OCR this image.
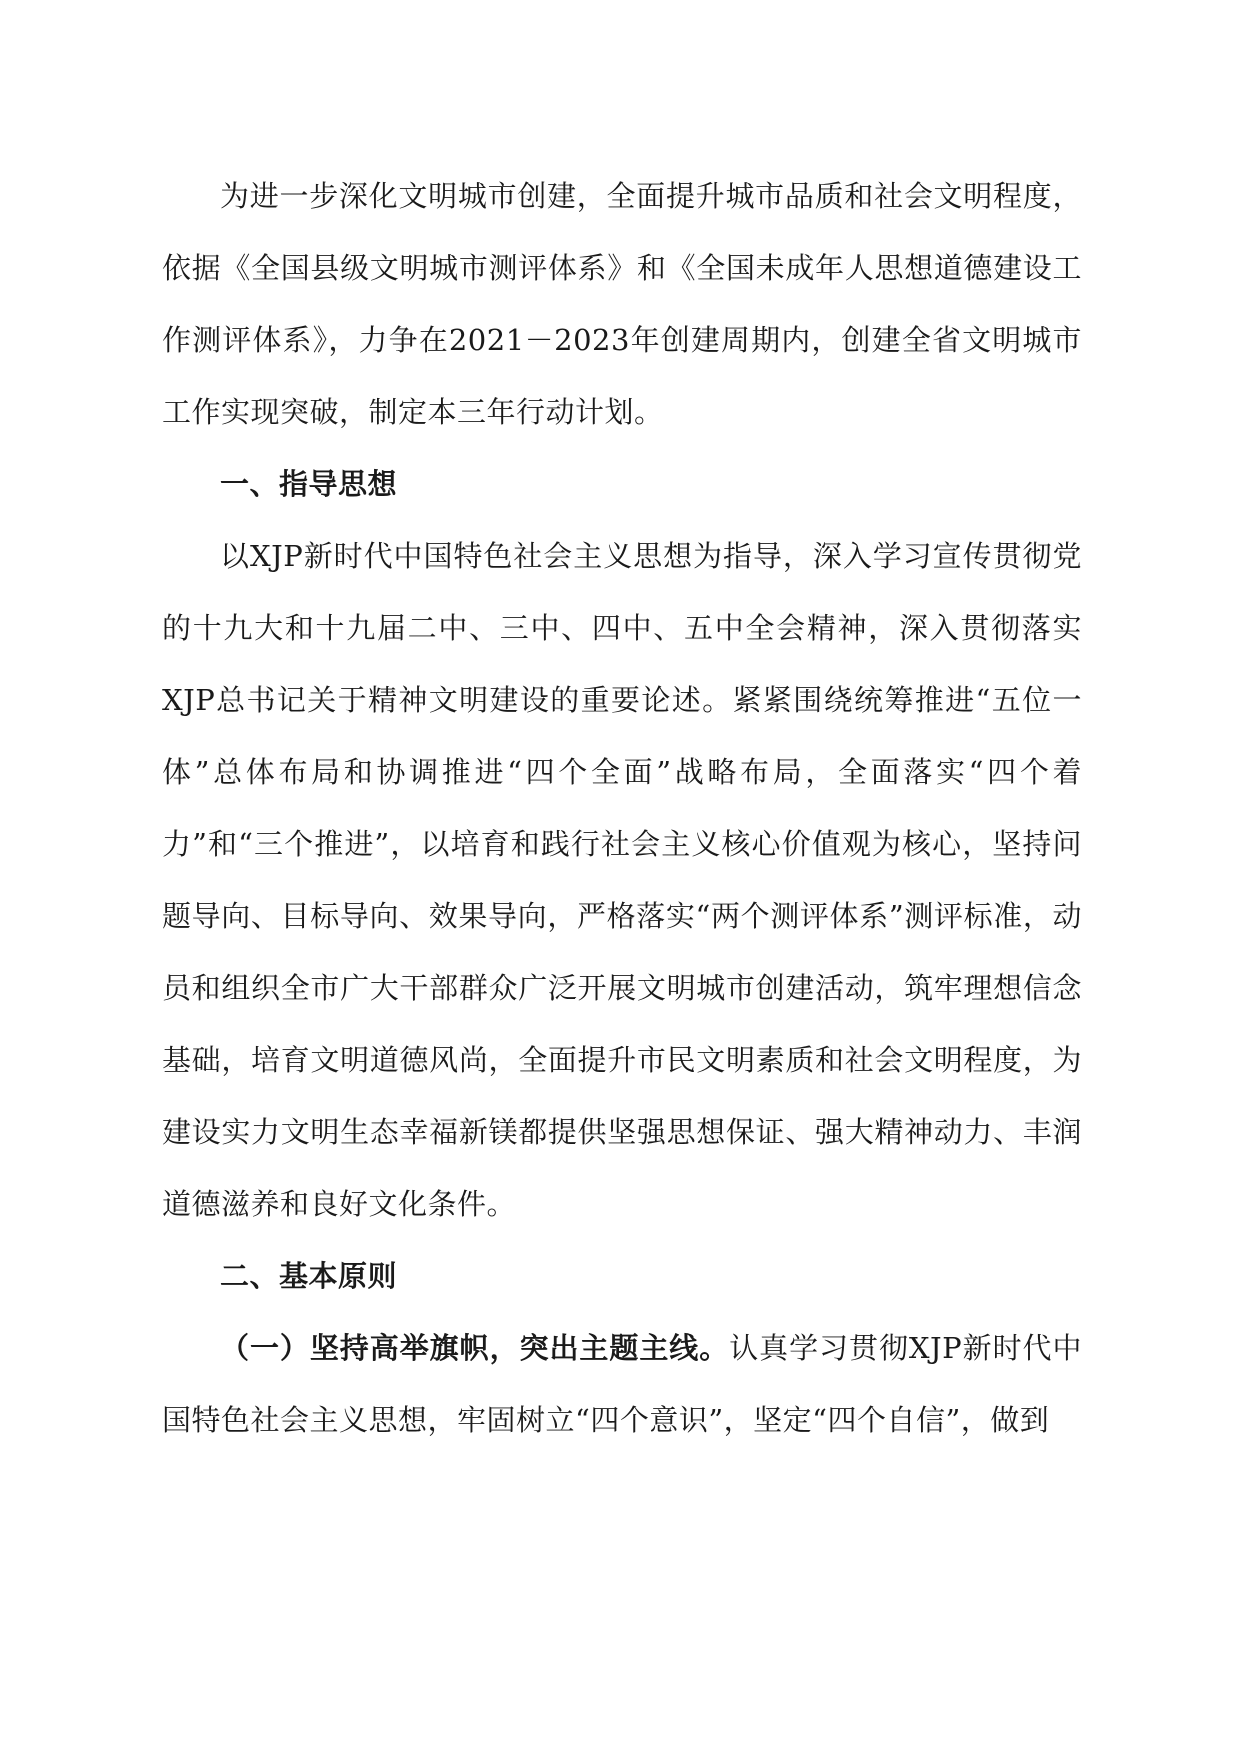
为进一步深化文明城市创建，全面提升城市品质和社会文明程度，依据《全国县级文明城市测评体系》和《全国未成年人思想道德建设工作测评体系》，力争在2021－2023年创建周期内，创建全省文明城市工作实现突破，制定本三年行动计划。

一、指导思想

以XJP新时代中国特色社会主义思想为指导，深入学习宣传贯彻党的十九大和十九届二中、三中、四中、五中全会精神，深入贯彻落实XJP总书记关于精神文明建设的重要论述。紧紧围绕统筹推进“五位一体”总体布局和协调推进“四个全面”战略布局，全面落实“四个着力”和“三个推进”，以培育和践行社会主义核心价值观为核心，坚持问题导向、目标导向、效果导向，严格落实“两个测评体系”测评标准，动员和组织全市广大干部群众广泛开展文明城市创建活动，筑牢理想信念基础，培育文明道德风尚，全面提升市民文明素质和社会文明程度，为建设实力文明生态幸福新镁都提供坚强思想保证、强大精神动力、丰润道德滋养和良好文化条件。

二、基本原则

（一）坚持高举旗帜，突出主题主线。认真学习贯彻XJP新时代中国特色社会主义思想，牢固树立“四个意识”，坚定“四个自信”，做到
